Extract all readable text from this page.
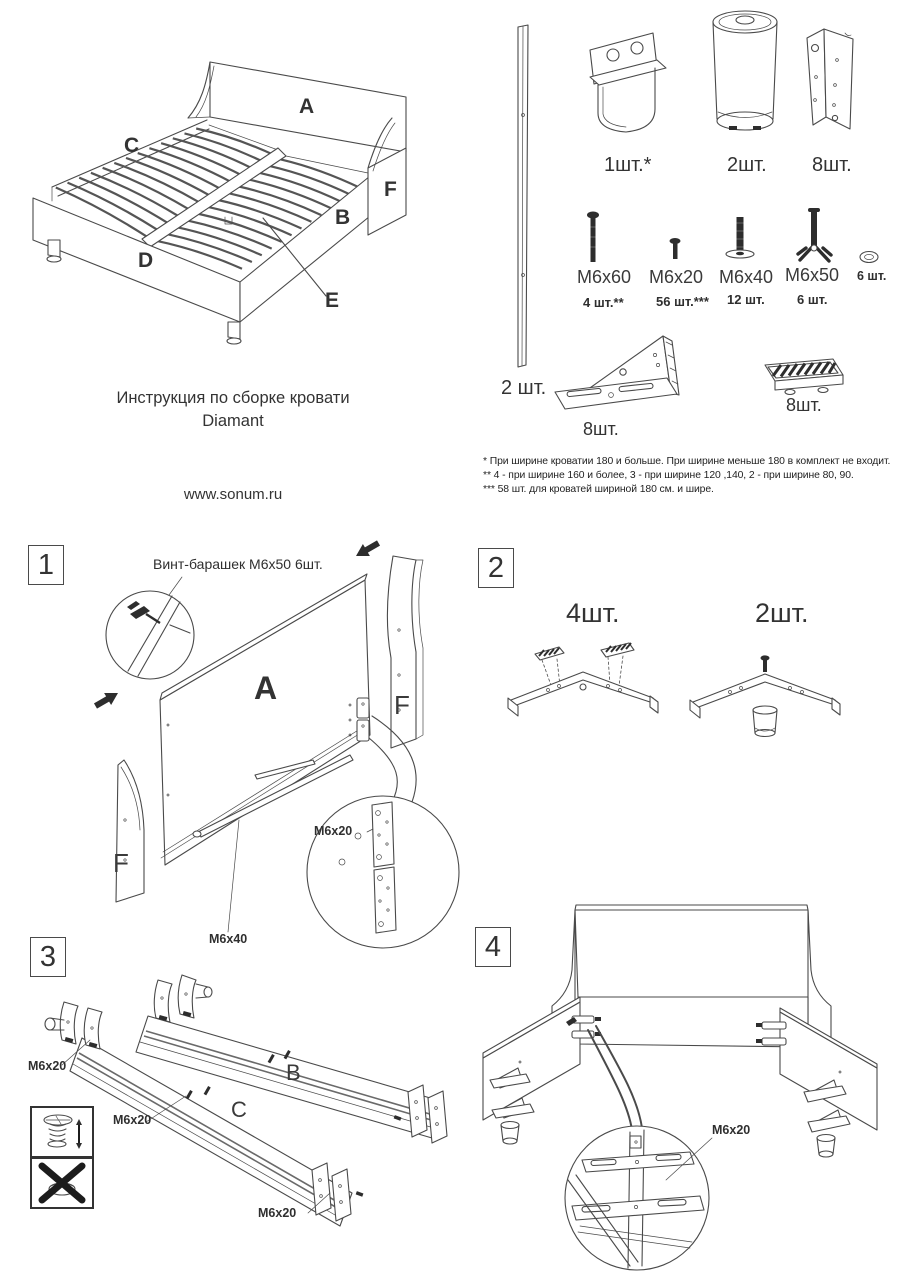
A
C
F
B
D
E
Инструкция по сборке кровати
Diamant
www.sonum.ru
2 шт.
1шт.*	2шт. 8шт.
M6x60
4 шт.**
M6x20
56 шт.***
M6x40
12 шт.
M6x50
6 шт.
6 шт.
8шт.
8шт.
* При ширине кроватии 180 и больше. При ширине меньше 180 в комплект не входит.
** 4 - при ширине 160 и более, 3 - при ширине 120 ,140, 2 - при ширине 80, 90.
*** 58 шт. для кроватей шириной 180 см. и шире.
1	Винт-барашек М6х50 6шт.
A	F
F
M6x20
M6x40
2
4шт.	2шт.
3
M6x20
M6x20
M6x20
B
C
4
M6x20
